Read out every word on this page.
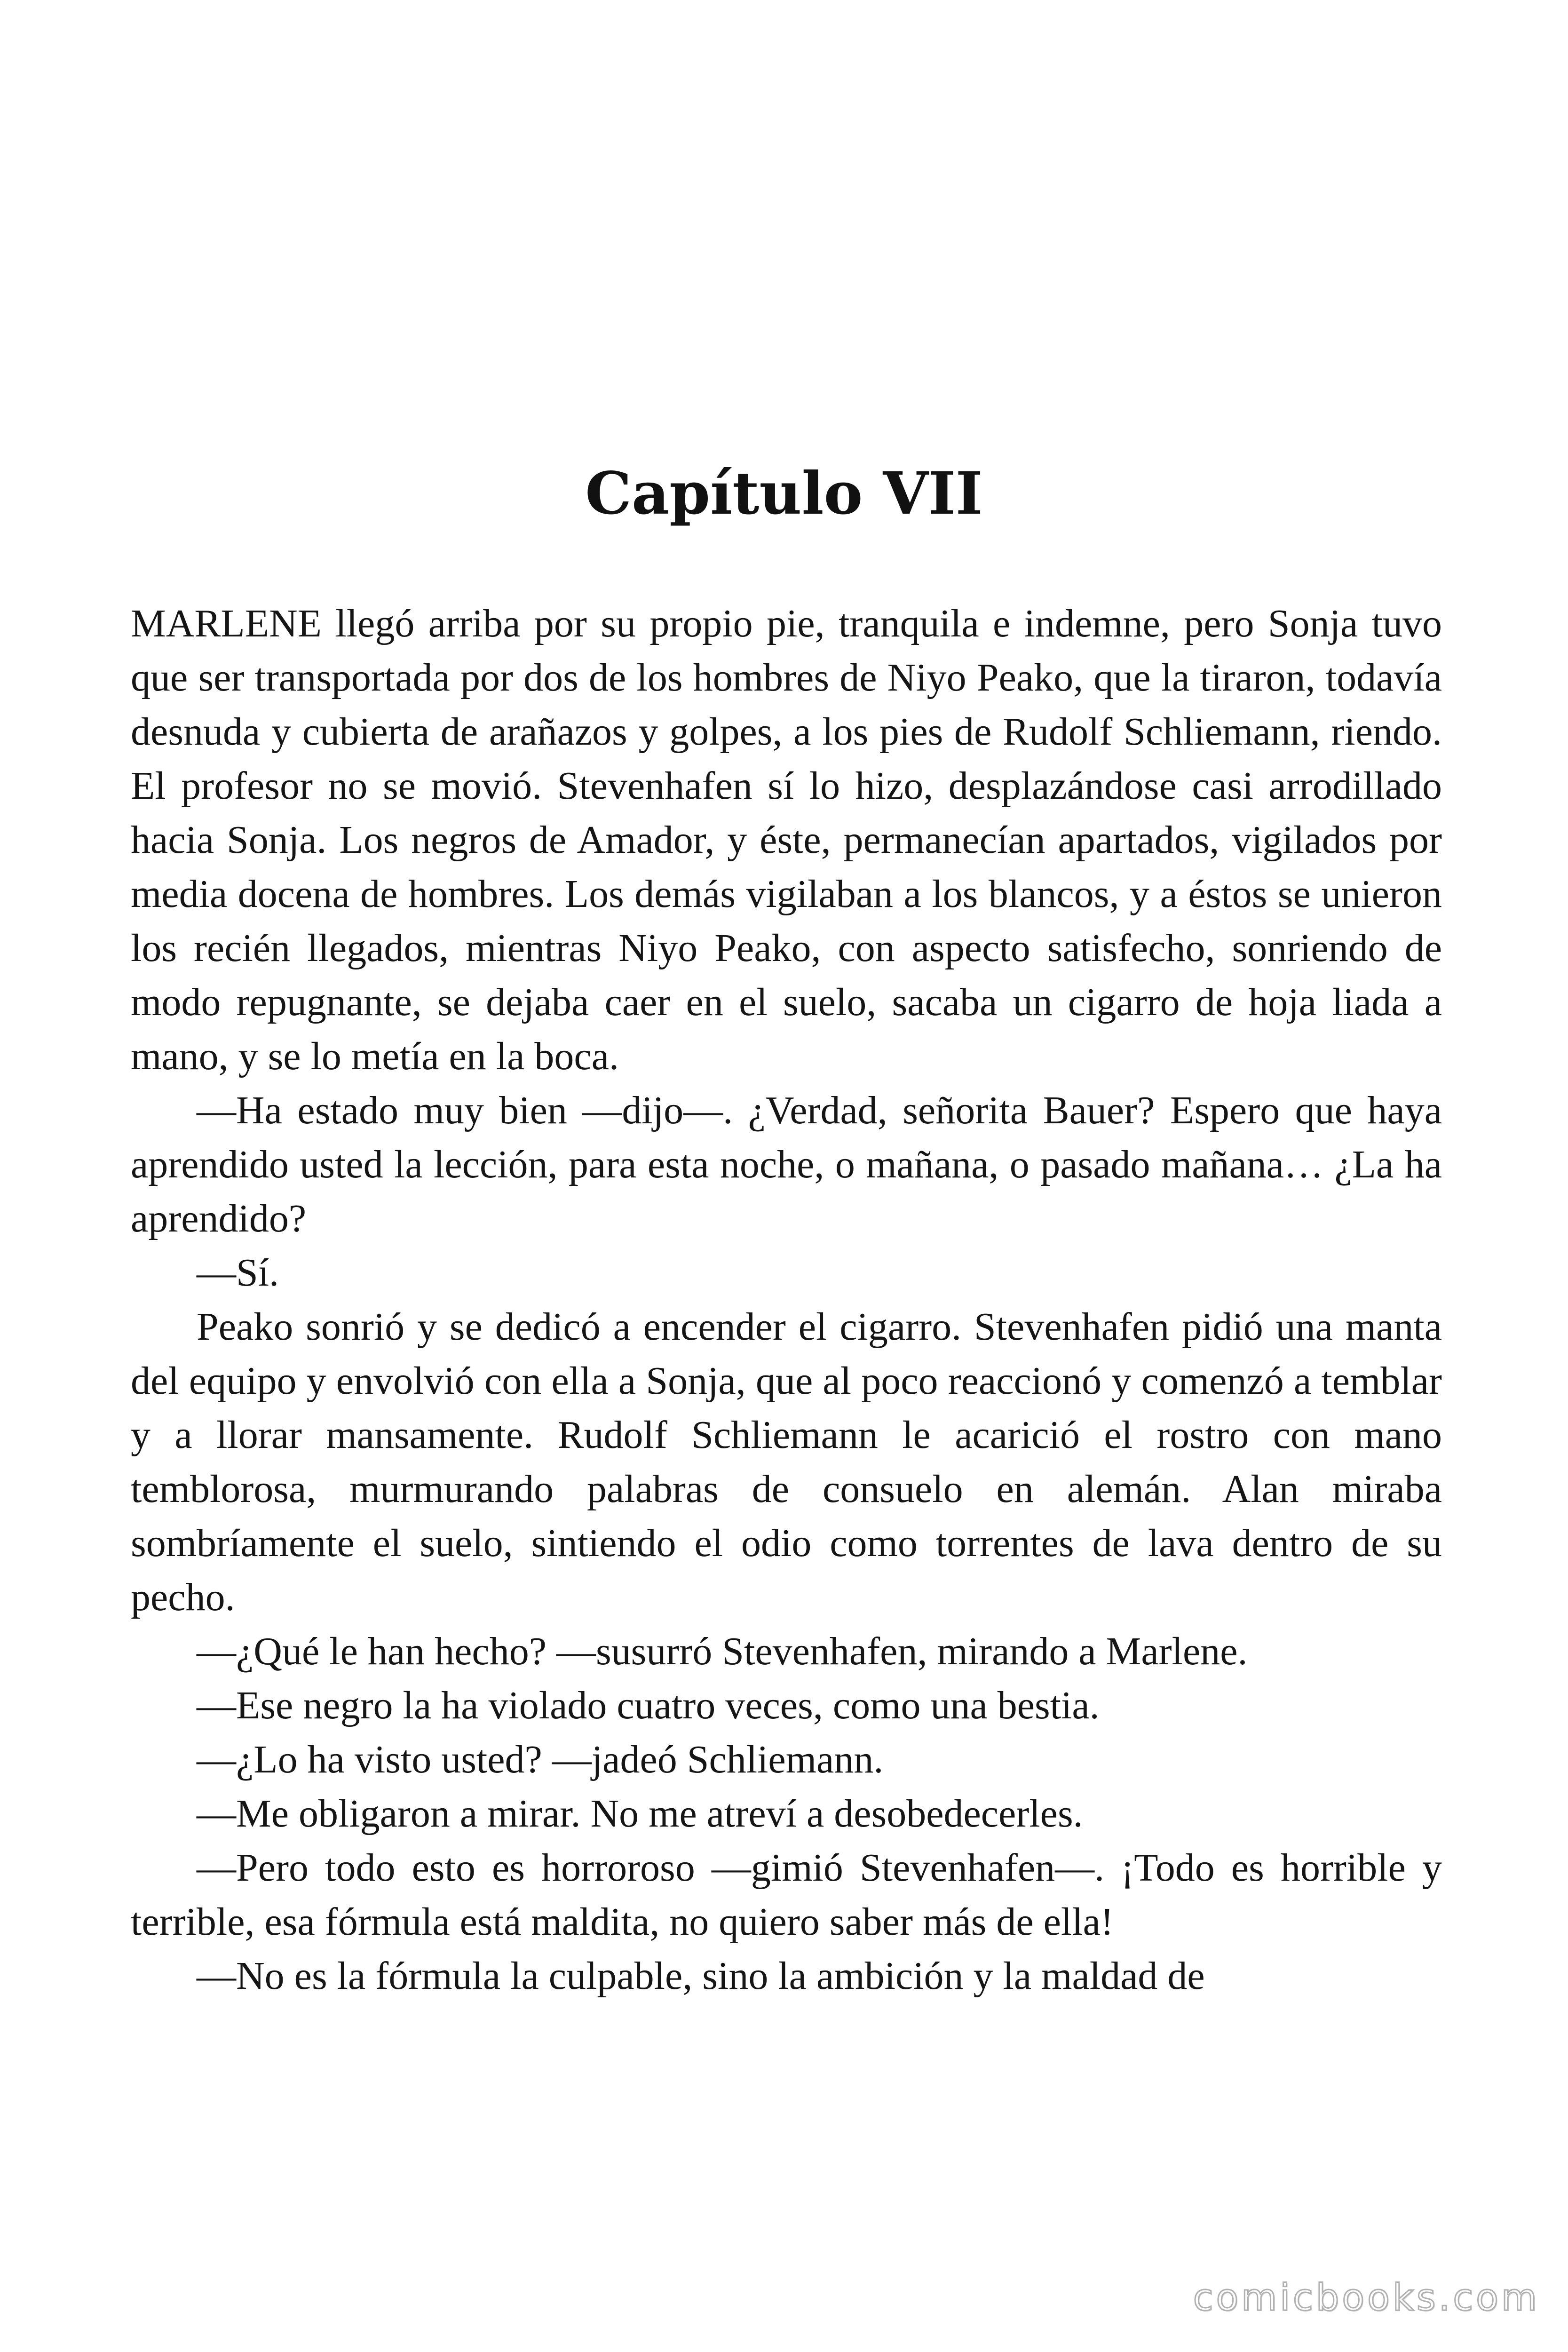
Capítulo VII

MARLENE llegó arriba por su propio pie, tranquila e indemne, pero Sonja tuvo que ser transportada por dos de los hombres de Niyo Peako, que la tiraron, todavía desnuda y cubierta de arañazos y golpes, a los pies de Rudolf Schliemann, riendo. El profesor no se movió. Stevenhafen sí lo hizo, desplazándose casi arrodillado hacia Sonja. Los negros de Amador, y éste, permanecían apartados, vigilados por media docena de hombres. Los demás vigilaban a los blancos, y a éstos se unieron los recién llegados, mientras Niyo Peako, con aspecto satisfecho, sonriendo de modo repugnante, se dejaba caer en el suelo, sacaba un cigarro de hoja liada a mano, y se lo metía en la boca.

—Ha estado muy bien —dijo—. ¿Verdad, señorita Bauer? Espero que haya aprendido usted la lección, para esta noche, o mañana, o pasado mañana… ¿La ha aprendido?

—Sí.

Peako sonrió y se dedicó a encender el cigarro. Stevenhafen pidió una manta del equipo y envolvió con ella a Sonja, que al poco reaccionó y comenzó a temblar y a llorar mansamente. Rudolf Schliemann le acarició el rostro con mano temblorosa, murmurando palabras de consuelo en alemán. Alan miraba sombríamente el suelo, sintiendo el odio como torrentes de lava dentro de su pecho.

—¿Qué le han hecho? —susurró Stevenhafen, mirando a Marlene.

—Ese negro la ha violado cuatro veces, como una bestia.

—¿Lo ha visto usted? —jadeó Schliemann.

—Me obligaron a mirar. No me atreví a desobedecerles.

—Pero todo esto es horroroso —gimió Stevenhafen—. ¡Todo es horrible y terrible, esa fórmula está maldita, no quiero saber más de ella!

—No es la fórmula la culpable, sino la ambición y la maldad de

comicbooks.com
